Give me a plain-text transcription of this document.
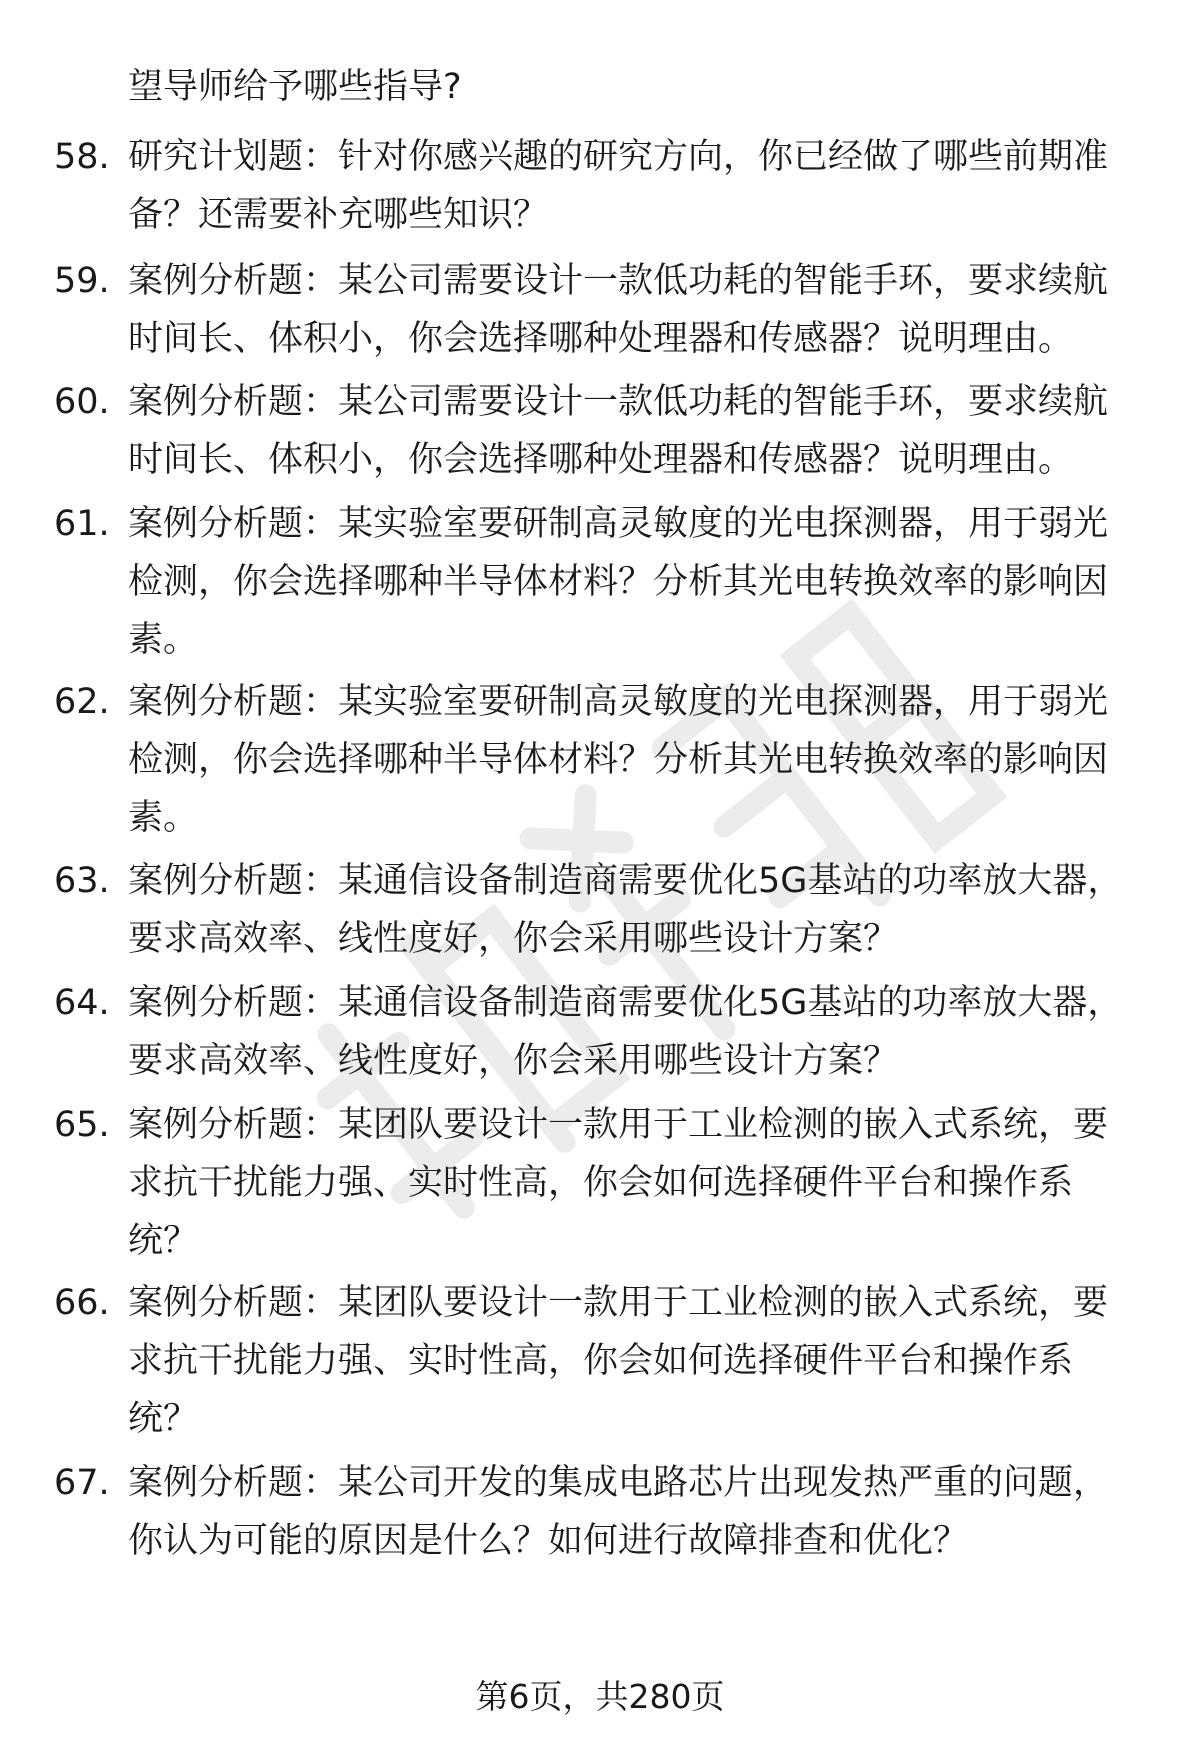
望导师给予哪些指导?
58. 研究计划题：针对你感兴趣的研究方向，你已经做了哪些前期准
备？还需要补充哪些知识？
59. 案例分析题：某公司需要设计一款低功耗的智能手环，要求续航
时间长、体积小，你会选择哪种处理器和传感器？说明理由。
60. 案例分析题：某公司需要设计一款低功耗的智能手环，要求续航
时间长、体积小，你会选择哪种处理器和传感器？说明理由。
61. 案例分析题：某实验室要研制高灵敏度的光电探测器，用于弱光
检测，你会选择哪种半导体材料？分析其光电转换效率的影响因
素。
62. 案例分析题：某实验室要研制高灵敏度的光电探测器，用于弱光
检测，你会选择哪种半导体材料？分析其光电转换效率的影响因
素。
63. 案例分析题：某通信设备制造商需要优化5G基站的功率放大器，
要求高效率、线性度好，你会采用哪些设计方案？
64. 案例分析题：某通信设备制造商需要优化5G基站的功率放大器，
要求高效率、线性度好，你会采用哪些设计方案？
65. 案例分析题：某团队要设计一款用于工业检测的嵌入式系统，要
求抗干扰能力强、实时性高，你会如何选择硬件平台和操作系
统？
66. 案例分析题：某团队要设计一款用于工业检测的嵌入式系统，要
求抗干扰能力强、实时性高，你会如何选择硬件平台和操作系
统？
67. 案例分析题：某公司开发的集成电路芯片出现发热严重的问题，
你认为可能的原因是什么？如何进行故障排查和优化？
第6页，共280页
